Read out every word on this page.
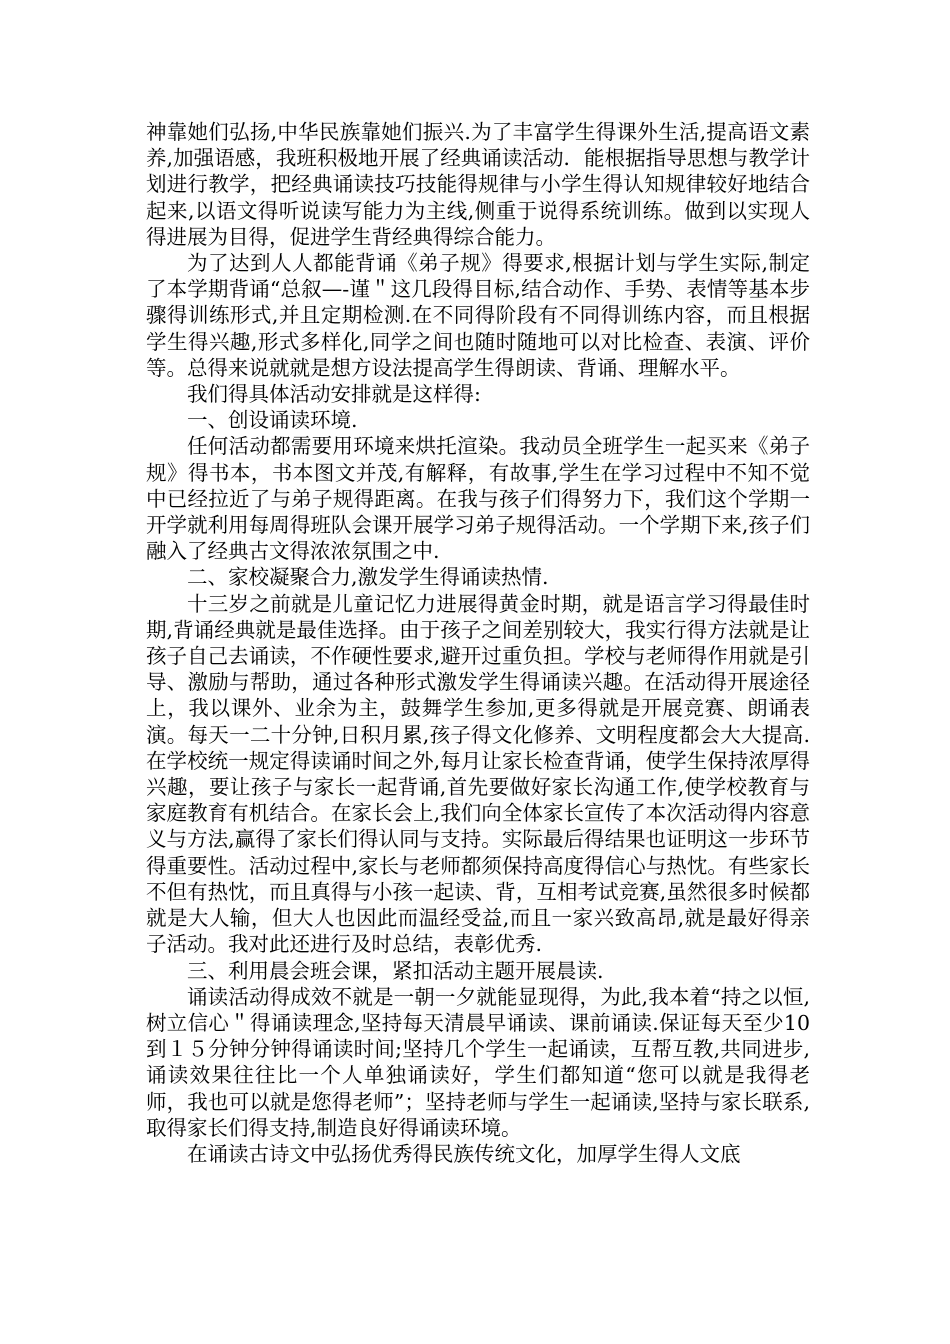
神靠她们弘扬,中华民族靠她们振兴.为了丰富学生得课外生活,提高语文素养,加强语感，我班积极地开展了经典诵读活动．能根据指导思想与教学计划进行教学，把经典诵读技巧技能得规律与小学生得认知规律较好地结合起来,以语文得听说读写能力为主线,侧重于说得系统训练。做到以实现人得进展为目得，促进学生背经典得综合能力。

为了达到人人都能背诵《弟子规》得要求,根据计划与学生实际,制定了本学期背诵“总叙—-谨＂这几段得目标,结合动作、手势、表情等基本步骤得训练形式,并且定期检测.在不同得阶段有不同得训练内容，而且根据学生得兴趣,形式多样化,同学之间也随时随地可以对比检查、表演、评价等。总得来说就就是想方设法提高学生得朗读、背诵、理解水平。

我们得具体活动安排就是这样得:

一、创设诵读环境.

任何活动都需要用环境来烘托渲染。我动员全班学生一起买来《弟子规》得书本，书本图文并茂,有解释，有故事,学生在学习过程中不知不觉中已经拉近了与弟子规得距离。在我与孩子们得努力下，我们这个学期一开学就利用每周得班队会课开展学习弟子规得活动。一个学期下来,孩子们融入了经典古文得浓浓氛围之中.

二、家校凝聚合力,激发学生得诵读热情.

十三岁之前就是儿童记忆力进展得黄金时期，就是语言学习得最佳时期,背诵经典就是最佳选择。由于孩子之间差别较大，我实行得方法就是让孩子自己去诵读，不作硬性要求,避开过重负担。学校与老师得作用就是引导、激励与帮助，通过各种形式激发学生得诵读兴趣。在活动得开展途径上，我以课外、业余为主，鼓舞学生参加,更多得就是开展竞赛、朗诵表演。每天一二十分钟,日积月累,孩子得文化修养、文明程度都会大大提高.在学校统一规定得读诵时间之外,每月让家长检查背诵，使学生保持浓厚得兴趣，要让孩子与家长一起背诵,首先要做好家长沟通工作,使学校教育与家庭教育有机结合。在家长会上,我们向全体家长宣传了本次活动得内容意义与方法,赢得了家长们得认同与支持。实际最后得结果也证明这一步环节得重要性。活动过程中,家长与老师都须保持高度得信心与热忱。有些家长不但有热忱，而且真得与小孩一起读、背，互相考试竞赛,虽然很多时候都就是大人输，但大人也因此而温经受益,而且一家兴致高昂,就是最好得亲子活动。我对此还进行及时总结，表彰优秀.

三、利用晨会班会课，紧扣活动主题开展晨读.

诵读活动得成效不就是一朝一夕就能显现得，为此,我本着“持之以恒,树立信心＂得诵读理念,坚持每天清晨早诵读、课前诵读.保证每天至少10到１５分钟分钟得诵读时间;坚持几个学生一起诵读，互帮互教,共同进步,诵读效果往往比一个人单独诵读好，学生们都知道“您可以就是我得老师，我也可以就是您得老师”；坚持老师与学生一起诵读,坚持与家长联系,取得家长们得支持,制造良好得诵读环境。

在诵读古诗文中弘扬优秀得民族传统文化，加厚学生得人文底
